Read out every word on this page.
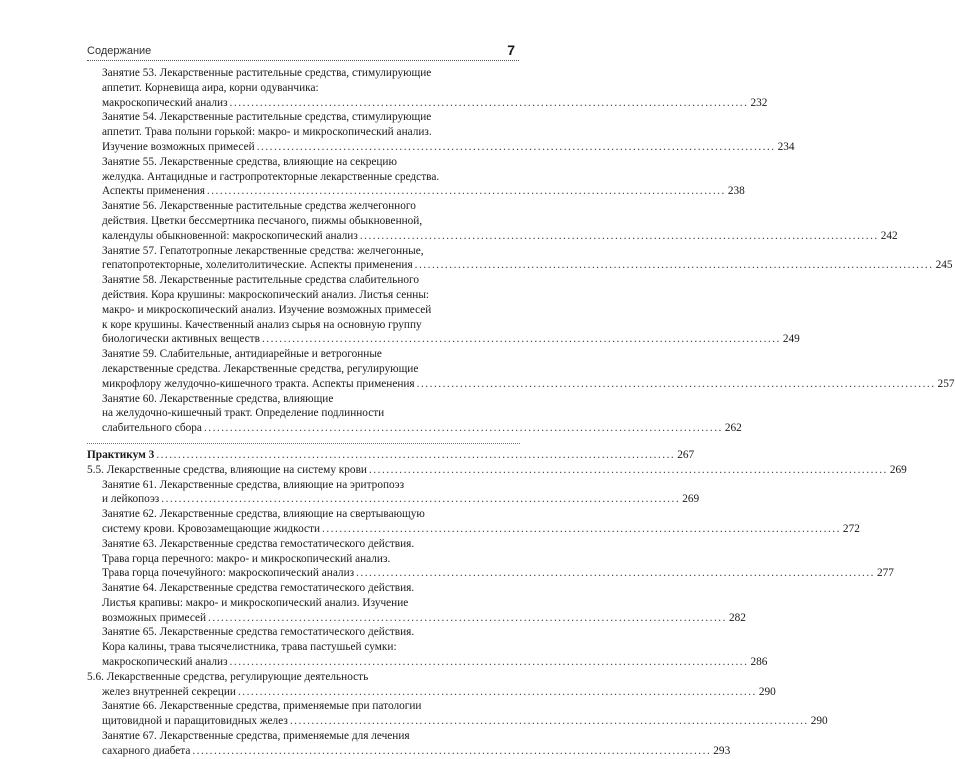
Содержание	7
Занятие 53. Лекарственные растительные средства, стимулирующие
аппетит. Корневища аира, корни одуванчика:
макроскопический анализ ........................................................................................................................ 232
Занятие 54. Лекарственные растительные средства, стимулирующие
аппетит. Трава полыни горькой: макро- и микроскопический анализ.
Изучение возможных примесей ........................................................................................................................ 234
Занятие 55. Лекарственные средства, влияющие на секрецию
желудка. Антацидные и гастропротекторные лекарственные средства.
Аспекты применения ........................................................................................................................ 238
Занятие 56. Лекарственные растительные средства желчегонного
действия. Цветки бессмертника песчаного, пижмы обыкновенной,
календулы обыкновенной: макроскопический анализ ........................................................................................................................ 242
Занятие 57. Гепатотропные лекарственные средства: желчегонные,
гепатопротекторные, холелитолитические. Аспекты применения ........................................................................................................................ 245
Занятие 58. Лекарственные растительные средства слабительного
действия. Кора крушины: макроскопический анализ. Листья сенны:
макро- и микроскопический анализ. Изучение возможных примесей
к коре крушины. Качественный анализ сырья на основную группу
биологически активных веществ ........................................................................................................................ 249
Занятие 59. Слабительные, антидиарейные и ветрогонные
лекарственные средства. Лекарственные средства, регулирующие
микрофлору желудочно-кишечного тракта. Аспекты применения ........................................................................................................................ 257
Занятие 60. Лекарственные средства, влияющие
на желудочно-кишечный тракт. Определение подлинности
слабительного сбора ........................................................................................................................ 262
Практикум 3 ........................................................................................................................ 267
5.5. Лекарственные средства, влияющие на систему крови ........................................................................................................................ 269
Занятие 61. Лекарственные средства, влияющие на эритропоэз
и лейкопоэз ........................................................................................................................ 269
Занятие 62. Лекарственные средства, влияющие на свертывающую
систему крови. Кровозамещающие жидкости ........................................................................................................................ 272
Занятие 63. Лекарственные средства гемостатического действия.
Трава горца перечного: макро- и микроскопический анализ.
Трава горца почечуйного: макроскопический анализ ........................................................................................................................ 277
Занятие 64. Лекарственные средства гемостатического действия.
Листья крапивы: макро- и микроскопический анализ. Изучение
возможных примесей ........................................................................................................................ 282
Занятие 65. Лекарственные средства гемостатического действия.
Кора калины, трава тысячелистника, трава пастушьей сумки:
макроскопический анализ ........................................................................................................................ 286
5.6. Лекарственные средства, регулирующие деятельность
желез внутренней секреции ........................................................................................................................ 290
Занятие 66. Лекарственные средства, применяемые при патологии
щитовидной и паращитовидных желез ........................................................................................................................ 290
Занятие 67. Лекарственные средства, применяемые для лечения
сахарного диабета ........................................................................................................................ 293
